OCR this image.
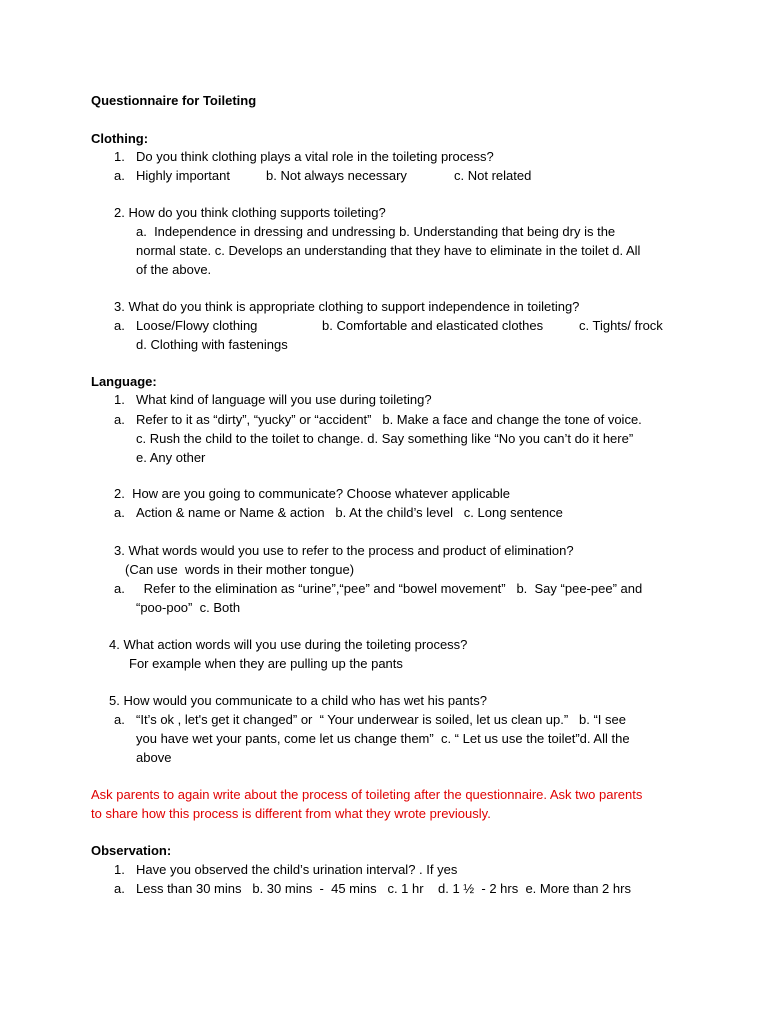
Questionnaire for Toileting
Clothing:
1. Do you think clothing plays a vital role in the toileting process?
a. Highly important	b. Not always necessary	c. Not related
2. How do you think clothing supports toileting?
a.  Independence in dressing and undressing b. Understanding that being dry is the
normal state. c. Develops an understanding that they have to eliminate in the toilet d. All
of the above.
3. What do you think is appropriate clothing to support independence in toileting?
a. Loose/Flowy clothing	b. Comfortable and elasticated clothes	c. Tights/ frock
d. Clothing with fastenings
Language:
1. What kind of language will you use during toileting?
a. Refer to it as “dirty”, “yucky” or “accident”   b. Make a face and change the tone of voice.
c. Rush the child to the toilet to change. d. Say something like “No you can’t do it here”
e. Any other
2.  How are you going to communicate? Choose whatever applicable
a. Action & name or Name & action   b. At the child’s level   c. Long sentence
3. What words would you use to refer to the process and product of elimination?
(Can use  words in their mother tongue)
a. Refer to the elimination as “urine”,“pee” and “bowel movement”   b.  Say “pee-pee” and
“poo-poo”  c. Both
4. What action words will you use during the toileting process?
For example when they are pulling up the pants
5. How would you communicate to a child who has wet his pants?
a. “It’s ok , let's get it changed” or  “ Your underwear is soiled, let us clean up.”   b. “I see
you have wet your pants, come let us change them”  c. “ Let us use the toilet”d. All the
above
Ask parents to again write about the process of toileting after the questionnaire. Ask two parents
to share how this process is different from what they wrote previously.
Observation:
1. Have you observed the child’s urination interval? . If yes
a. Less than 30 mins   b. 30 mins  -  45 mins   c. 1 hr    d. 1 ½  - 2 hrs  e. More than 2 hrs
